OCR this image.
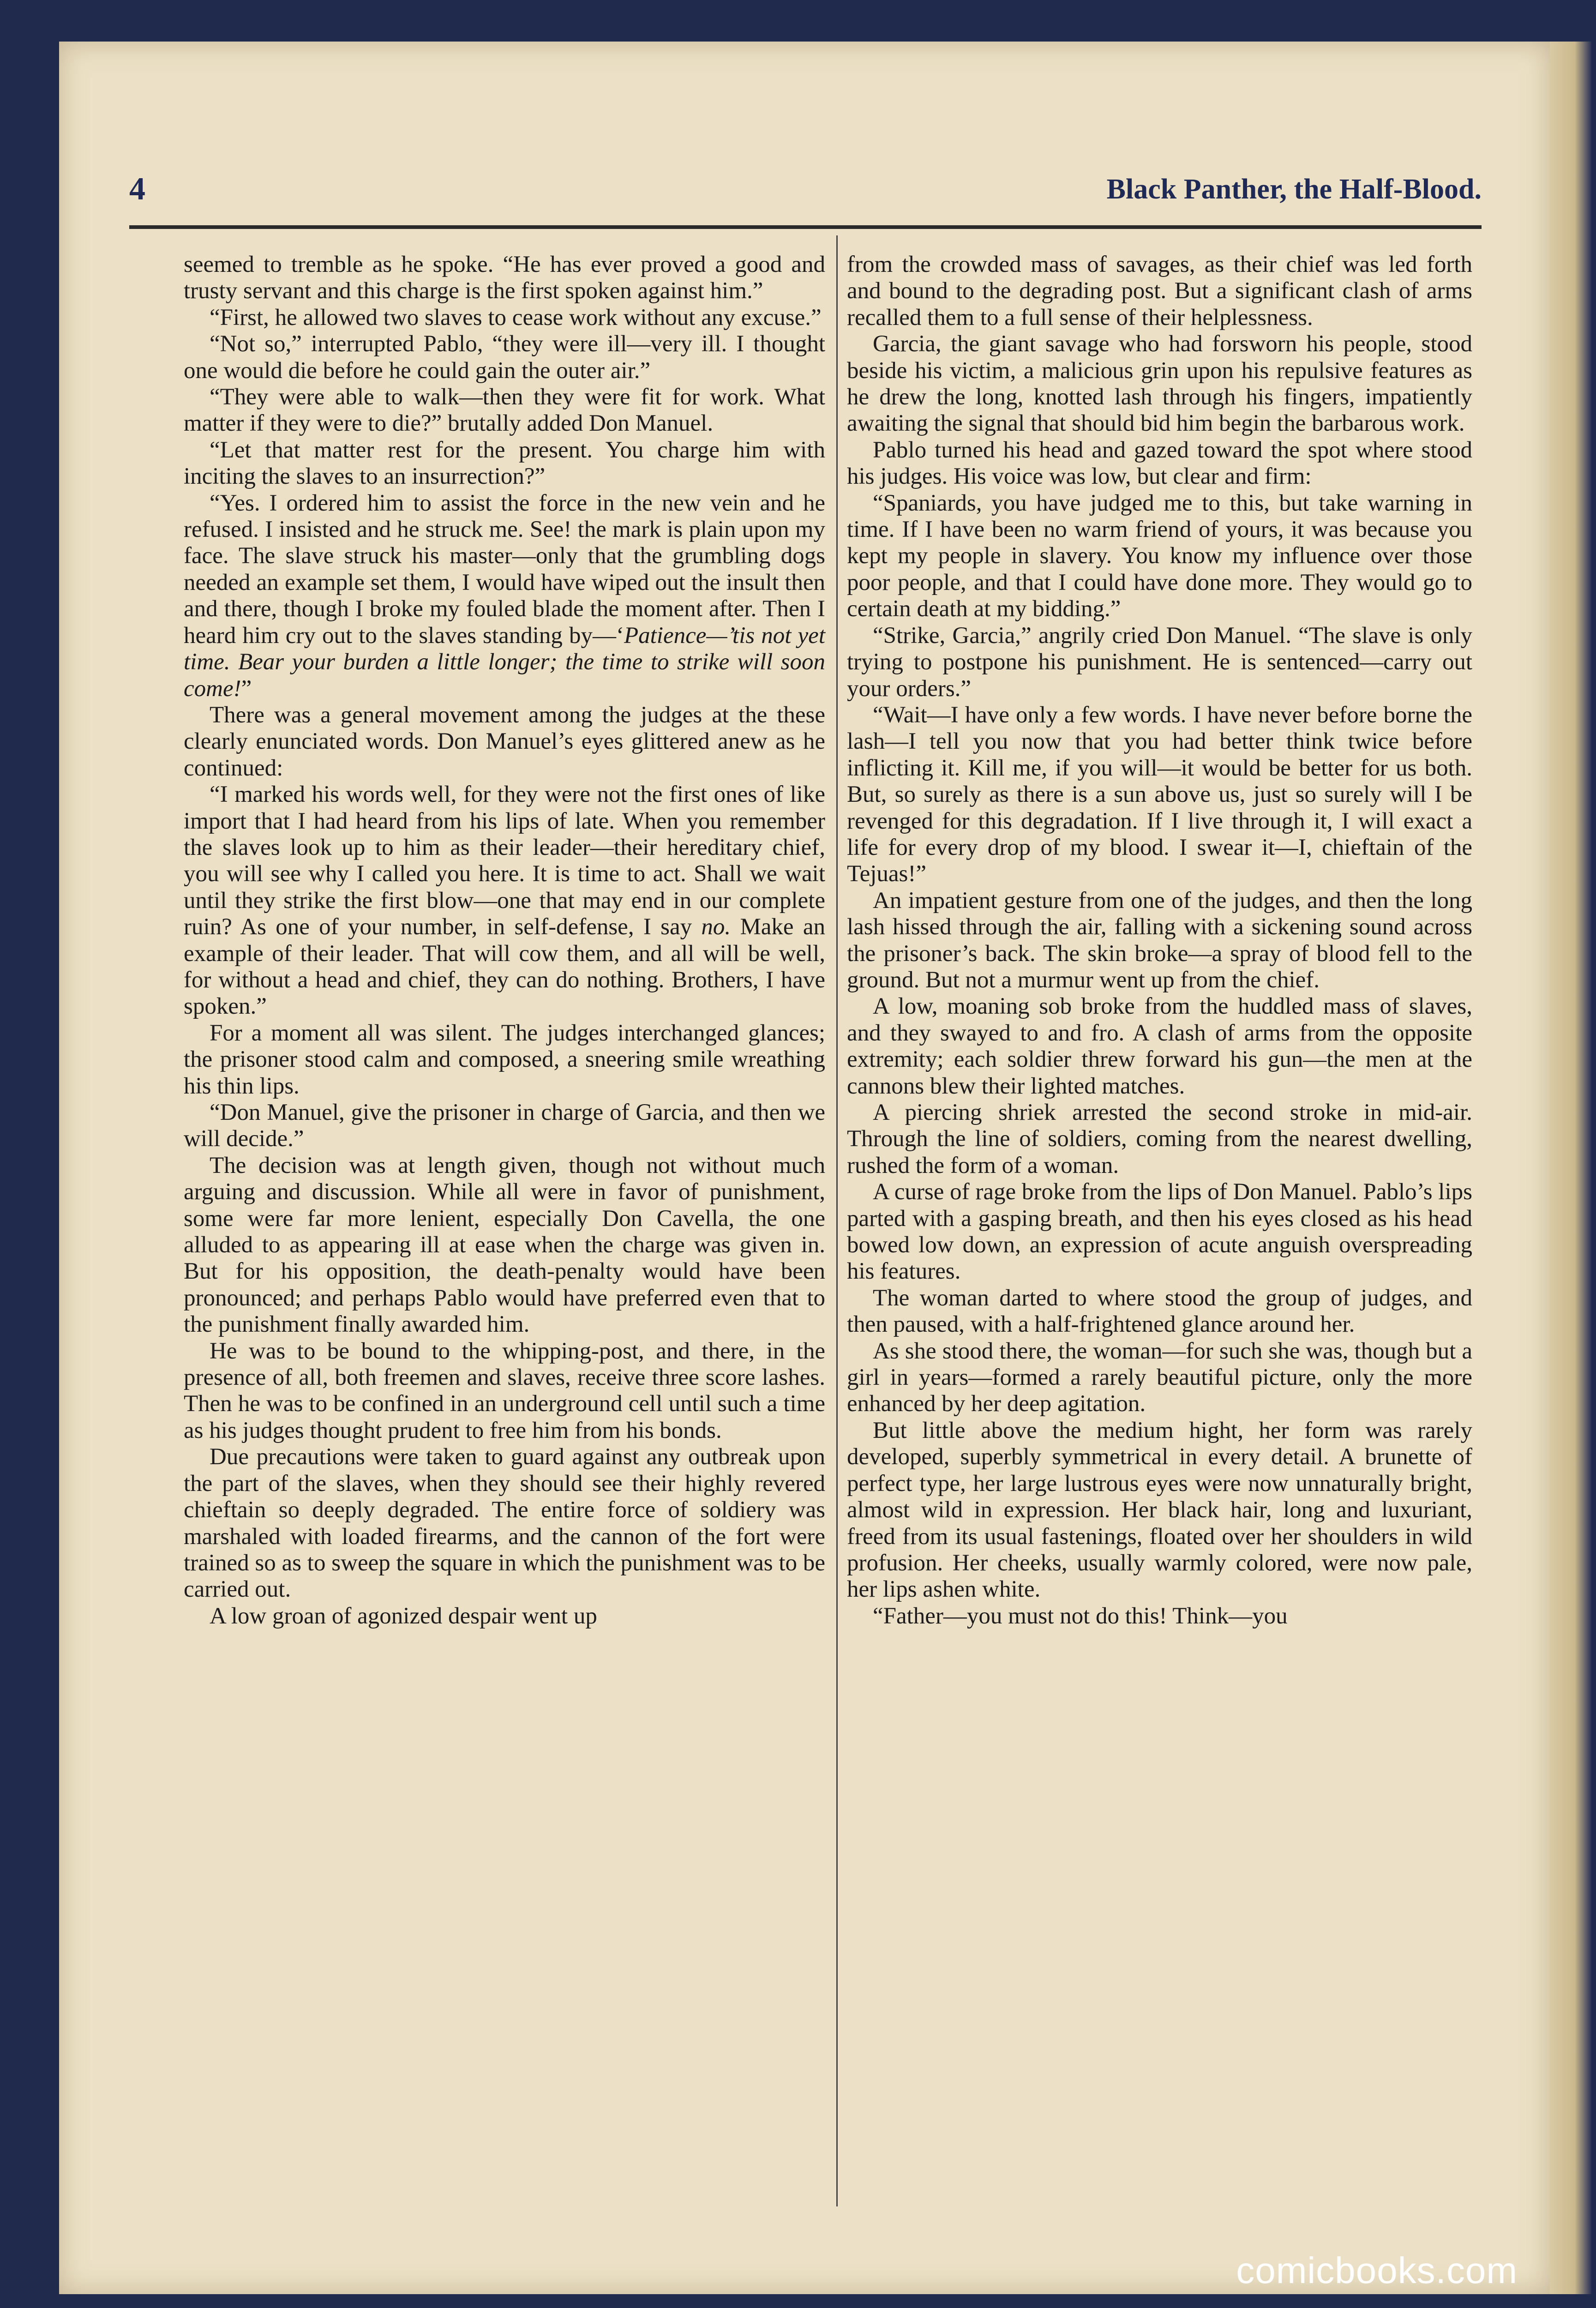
4	Black Panther, the Half-Blood.

seemed to tremble as he spoke. “He has ever proved a good and trusty servant and this charge is the first spoken against him.”

“First, he allowed two slaves to cease work without any excuse.”

“Not so,” interrupted Pablo, “they were ill—very ill. I thought one would die before he could gain the outer air.”

“They were able to walk—then they were fit for work. What matter if they were to die?” brutally added Don Manuel.

“Let that matter rest for the present. You charge him with inciting the slaves to an insurrection?”

“Yes. I ordered him to assist the force in the new vein and he refused. I insisted and he struck me. See! the mark is plain upon my face. The slave struck his master—only that the grumbling dogs needed an example set them, I would have wiped out the insult then and there, though I broke my fouled blade the moment after. Then I heard him cry out to the slaves standing by—‘Patience—’tis not yet time. Bear your burden a little longer; the time to strike will soon come!”

There was a general movement among the judges at the these clearly enunciated words. Don Manuel’s eyes glittered anew as he continued:

“I marked his words well, for they were not the first ones of like import that I had heard from his lips of late. When you remember the slaves look up to him as their leader—their hereditary chief, you will see why I called you here. It is time to act. Shall we wait until they strike the first blow—one that may end in our complete ruin? As one of your number, in self-defense, I say no. Make an example of their leader. That will cow them, and all will be well, for without a head and chief, they can do nothing. Brothers, I have spoken.”

For a moment all was silent. The judges interchanged glances; the prisoner stood calm and composed, a sneering smile wreathing his thin lips.

“Don Manuel, give the prisoner in charge of Garcia, and then we will decide.”

The decision was at length given, though not without much arguing and discussion. While all were in favor of punishment, some were far more lenient, especially Don Cavella, the one alluded to as appearing ill at ease when the charge was given in. But for his opposition, the death-penalty would have been pronounced; and perhaps Pablo would have preferred even that to the punishment finally awarded him.

He was to be bound to the whipping-post, and there, in the presence of all, both freemen and slaves, receive three score lashes. Then he was to be confined in an underground cell until such a time as his judges thought prudent to free him from his bonds.

Due precautions were taken to guard against any outbreak upon the part of the slaves, when they should see their highly revered chieftain so deeply degraded. The entire force of soldiery was marshaled with loaded firearms, and the cannon of the fort were trained so as to sweep the square in which the punishment was to be carried out.

A low groan of agonized despair went up

from the crowded mass of savages, as their chief was led forth and bound to the degrading post. But a significant clash of arms recalled them to a full sense of their helplessness.

Garcia, the giant savage who had forsworn his people, stood beside his victim, a malicious grin upon his repulsive features as he drew the long, knotted lash through his fingers, impatiently awaiting the signal that should bid him begin the barbarous work.

Pablo turned his head and gazed toward the spot where stood his judges. His voice was low, but clear and firm:

“Spaniards, you have judged me to this, but take warning in time. If I have been no warm friend of yours, it was because you kept my people in slavery. You know my influence over those poor people, and that I could have done more. They would go to certain death at my bidding.”

“Strike, Garcia,” angrily cried Don Manuel. “The slave is only trying to postpone his punishment. He is sentenced—carry out your orders.”

“Wait—I have only a few words. I have never before borne the lash—I tell you now that you had better think twice before inflicting it. Kill me, if you will—it would be better for us both. But, so surely as there is a sun above us, just so surely will I be revenged for this degradation. If I live through it, I will exact a life for every drop of my blood. I swear it—I, chieftain of the Tejuas!”

An impatient gesture from one of the judges, and then the long lash hissed through the air, falling with a sickening sound across the prisoner’s back. The skin broke—a spray of blood fell to the ground. But not a murmur went up from the chief.

A low, moaning sob broke from the huddled mass of slaves, and they swayed to and fro. A clash of arms from the opposite extremity; each soldier threw forward his gun—the men at the cannons blew their lighted matches.

A piercing shriek arrested the second stroke in mid-air. Through the line of soldiers, coming from the nearest dwelling, rushed the form of a woman.

A curse of rage broke from the lips of Don Manuel. Pablo’s lips parted with a gasping breath, and then his eyes closed as his head bowed low down, an expression of acute anguish overspreading his features.

The woman darted to where stood the group of judges, and then paused, with a half-frightened glance around her.

As she stood there, the woman—for such she was, though but a girl in years—formed a rarely beautiful picture, only the more enhanced by her deep agitation.

But little above the medium hight, her form was rarely developed, superbly symmetrical in every detail. A brunette of perfect type, her large lustrous eyes were now unnaturally bright, almost wild in expression. Her black hair, long and luxuriant, freed from its usual fastenings, floated over her shoulders in wild profusion. Her cheeks, usually warmly colored, were now pale, her lips ashen white.

“Father—you must not do this! Think—you

comicbooks.com
